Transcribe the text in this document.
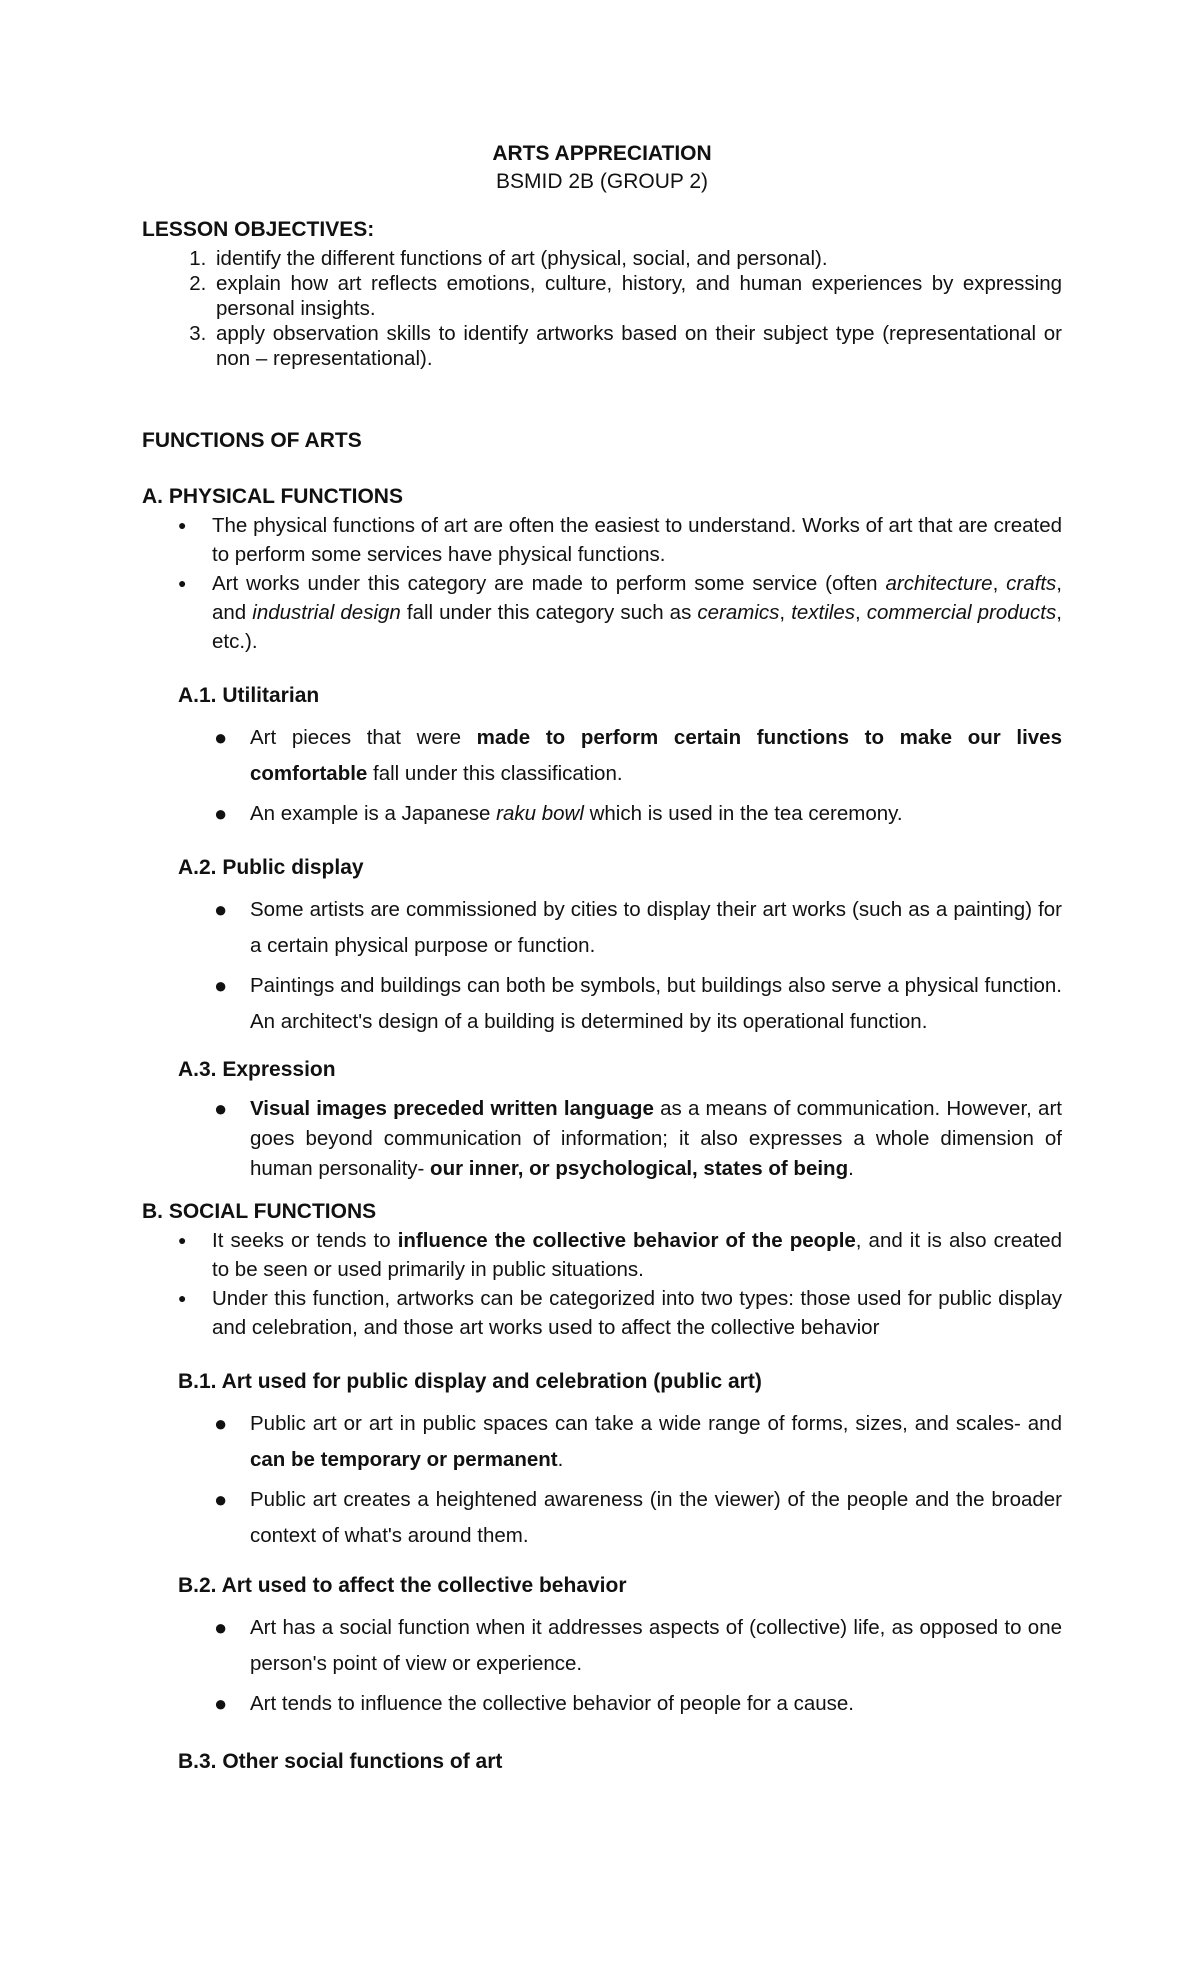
ARTS APPRECIATION
BSMID 2B (GROUP 2)
LESSON OBJECTIVES:
1. identify the different functions of art (physical, social, and personal).
2. explain how art reflects emotions, culture, history, and human experiences by expressing personal insights.
3. apply observation skills to identify artworks based on their subject type (representational or non – representational).
FUNCTIONS OF ARTS
A. PHYSICAL FUNCTIONS
● The physical functions of art are often the easiest to understand. Works of art that are created to perform some services have physical functions.
● Art works under this category are made to perform some service (often architecture, crafts, and industrial design fall under this category such as ceramics, textiles, commercial products, etc.).
A.1. Utilitarian
● Art pieces that were made to perform certain functions to make our lives comfortable fall under this classification.
● An example is a Japanese raku bowl which is used in the tea ceremony.
A.2. Public display
● Some artists are commissioned by cities to display their art works (such as a painting) for a certain physical purpose or function.
● Paintings and buildings can both be symbols, but buildings also serve a physical function. An architect's design of a building is determined by its operational function.
A.3. Expression
● Visual images preceded written language as a means of communication. However, art goes beyond communication of information; it also expresses a whole dimension of human personality- our inner, or psychological, states of being.
B. SOCIAL FUNCTIONS
● It seeks or tends to influence the collective behavior of the people, and it is also created to be seen or used primarily in public situations.
● Under this function, artworks can be categorized into two types: those used for public display and celebration, and those art works used to affect the collective behavior
B.1. Art used for public display and celebration (public art)
● Public art or art in public spaces can take a wide range of forms, sizes, and scales- and can be temporary or permanent.
● Public art creates a heightened awareness (in the viewer) of the people and the broader context of what's around them.
B.2. Art used to affect the collective behavior
● Art has a social function when it addresses aspects of (collective) life, as opposed to one person's point of view or experience.
● Art tends to influence the collective behavior of people for a cause.
B.3. Other social functions of art
